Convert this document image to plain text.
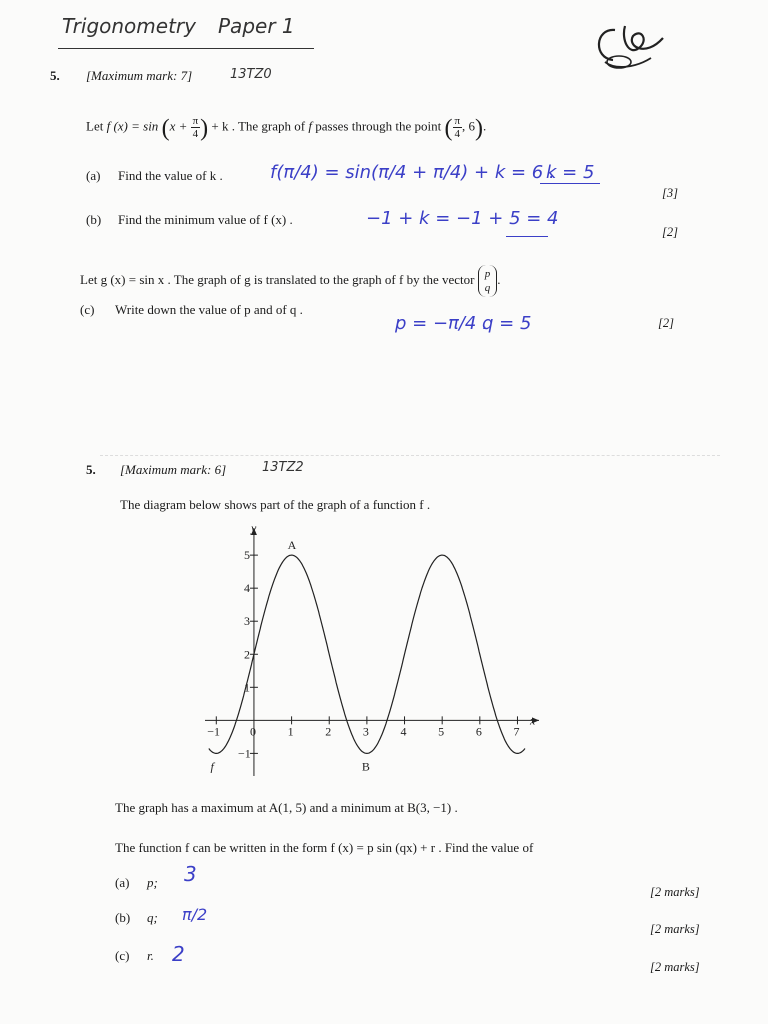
Trigonometry Paper 1
5. [Maximum mark: 7]	13TZ0
Let f (x) = sin (x + π
4) + k . The graph of f passes through the point ( π
4, 6).
(a) Find the value of k .	f(π/4) = sin(π/4 + π/4) + k = 6 .
k = 5
[3]
(b) Find the minimum value of f (x) .	−1 + k = −1 + 5 = 4
[2]
Let g (x) = sin x . The graph of g is translated to the graph of f by the vector p
q.
(c) Write down the value of p and of q .
p = −π/4 .
q = 5	[2]
5. [Maximum mark: 6]	13TZ2
The diagram below shows part of the graph of a function f .
x
y
−1 0	1	2	3	4	5	6	7
−1
1
2
3
4
5
A
B
f
The graph has a maximum at A(1, 5) and a minimum at B(3, −1) .
The function f can be written in the form f (x) = p sin (qx) + r . Find the value of
(a) p; 3
[2 marks]
(b) q; π/2
[2 marks]
(c) r. 2
[2 marks]
